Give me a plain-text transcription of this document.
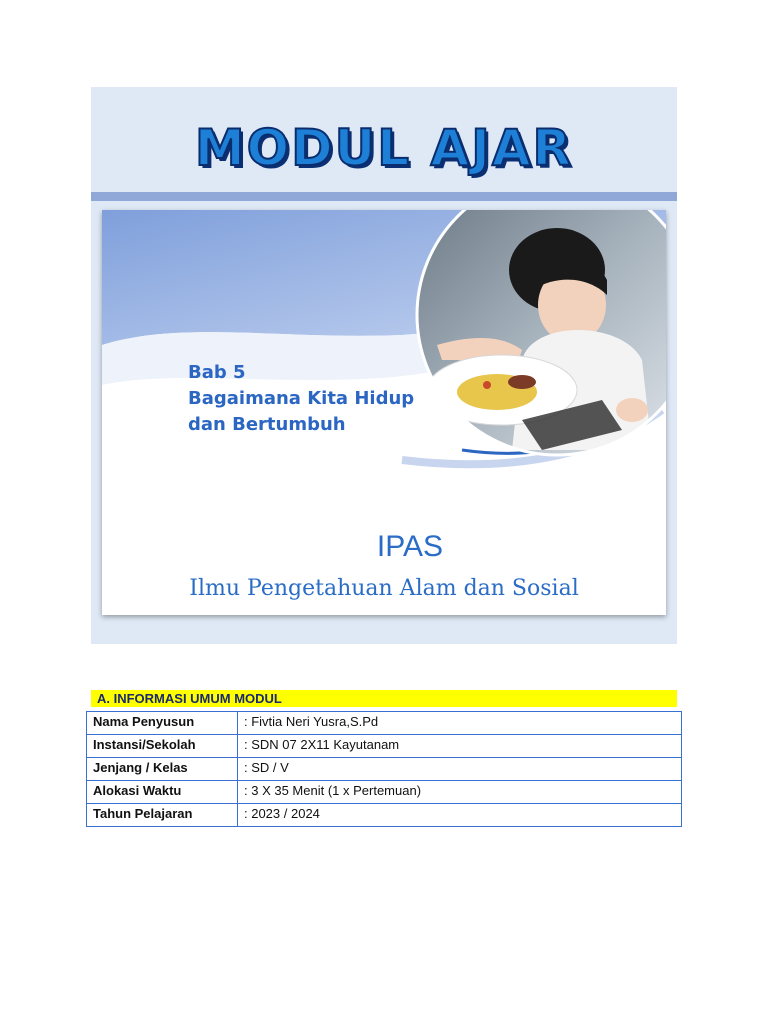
MODUL AJAR
Bab 5
Bagaimana Kita Hidup
dan Bertumbuh
IPAS
Ilmu Pengetahuan Alam dan Sosial
A. INFORMASI UMUM MODUL
Nama Penyusun	: Fivtia Neri Yusra,S.Pd
Instansi/Sekolah	: SDN 07 2X11 Kayutanam
Jenjang / Kelas	: SD / V
Alokasi Waktu	: 3 X 35 Menit (1 x Pertemuan)
Tahun Pelajaran	: 2023 / 2024
